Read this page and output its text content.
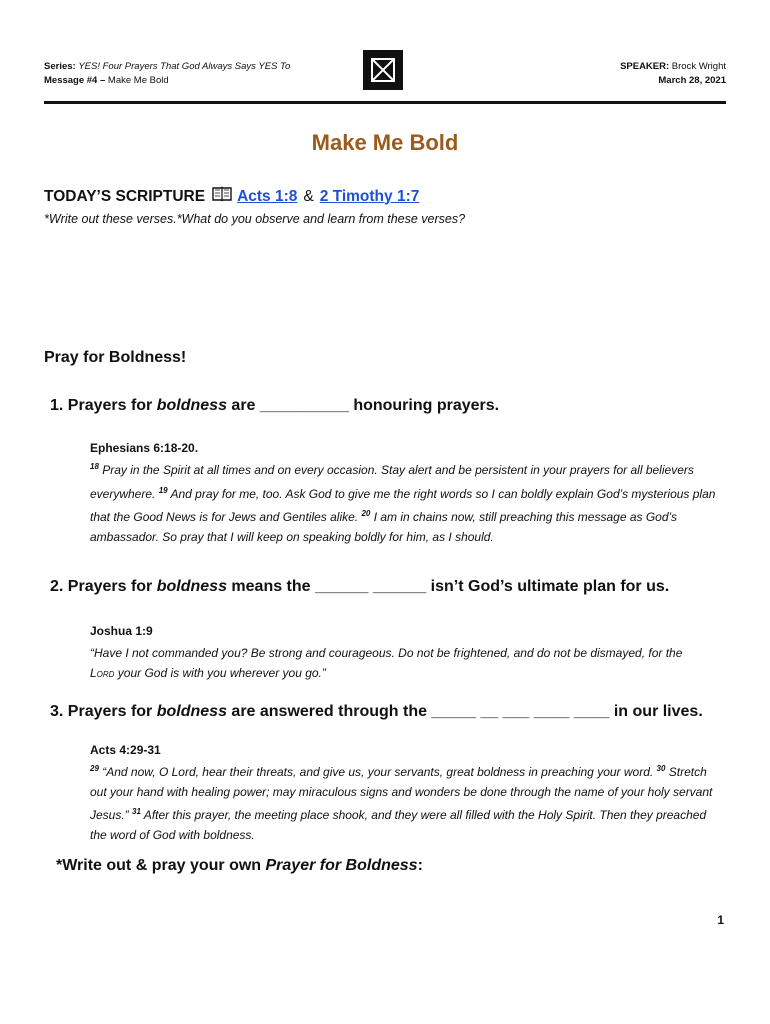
Series: YES! Four Prayers That God Always Says YES To
Message #4 – Make Me Bold
SPEAKER: Brock Wright
March 28, 2021
Make Me Bold
TODAY’S SCRIPTURE Acts 1:8 & 2 Timothy 1:7
*Write out these verses.*What do you observe and learn from these verses?
Pray for Boldness!
1. Prayers for boldness are __________ honouring prayers.
Ephesians 6:18-20.
$^{18}$ Pray in the Spirit at all times and on every occasion. Stay alert and be persistent in your prayers for all believers everywhere. $^{19}$ And pray for me, too. Ask God to give me the right words so I can boldly explain God’s mysterious plan that the Good News is for Jews and Gentiles alike. $^{20}$ I am in chains now, still preaching this message as God’s ambassador. So pray that I will keep on speaking boldly for him, as I should.
2. Prayers for boldness means the ______ ______ isn’t God’s ultimate plan for us.
Joshua 1:9
“Have I not commanded you? Be strong and courageous. Do not be frightened, and do not be dismayed, for the Lord your God is with you wherever you go.”
3. Prayers for boldness are answered through the _____ __ ___ ____ ____ in our lives.
Acts 4:29-31
$^{29}$ “And now, O Lord, hear their threats, and give us, your servants, great boldness in preaching your word. $^{30}$ Stretch out your hand with healing power; may miraculous signs and wonders be done through the name of your holy servant Jesus.” $^{31}$ After this prayer, the meeting place shook, and they were all filled with the Holy Spirit. Then they preached the word of God with boldness.
*Write out & pray your own Prayer for Boldness:
1
